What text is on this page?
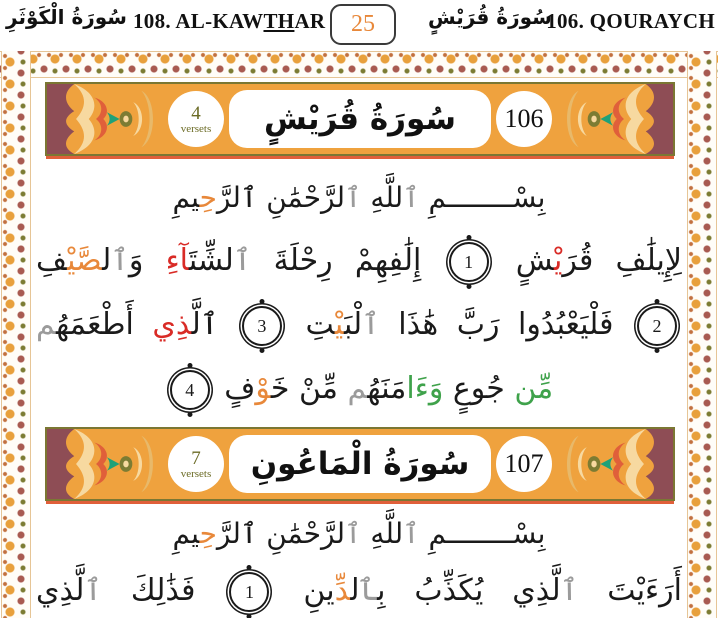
سُورَةُ الْكَوْثَرِ 108. AL-KAWTHAR 25	سُورَةُ قُرَيْشٍ
106. QOURAYCH
4
versets سُورَةُ قُرَيْشٍ 106
بِسْــــــــمِ ٱللَّهِ ٱلرَّحْمَٰنِ ٱلرَّحِيمِ
لِإِيلَٰفِ قُرَيْشٍ
1
إِلَٰفِهِمْ رِحْلَةَ ٱلشِّتَآءِ وَٱلصَّيْفِ
2
فَلْيَعْبُدُوا رَبَّ هَٰذَا ٱلْبَيْتِ
3
ٱلَّذِي أَطْعَمَهُم
مِّن جُوعٍ وَءَامَنَهُم مِّنْ خَوْفٍ
4
7
versets سُورَةُ الْمَاعُونِ 107
بِسْــــــــمِ ٱللَّهِ ٱلرَّحْمَٰنِ ٱلرَّحِيمِ
أَرَءَيْتَ ٱلَّذِي يُكَذِّبُ بِٱلدِّينِ
1
فَذَٰلِكَ ٱلَّذِي
